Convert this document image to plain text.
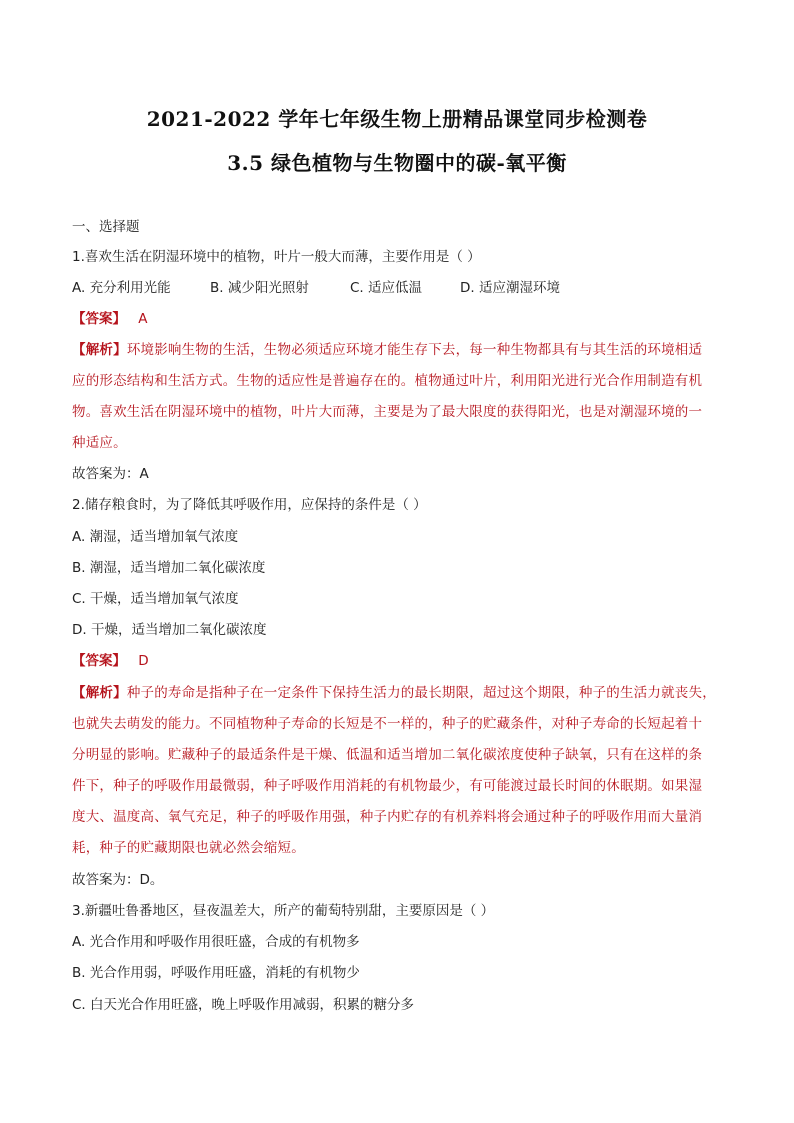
2021-2022 学年七年级生物上册精品课堂同步检测卷
3.5 绿色植物与生物圈中的碳-氧平衡
一、选择题
1.喜欢生活在阴湿环境中的植物，叶片一般大而薄，主要作用是（ ）
A. 充分利用光能	B. 减少阳光照射	C. 适应低温	D. 适应潮湿环境
【答案】 A
【解析】环境影响生物的生活，生物必须适应环境才能生存下去，每一种生物都具有与其生活的环境相适
应的形态结构和生活方式。生物的适应性是普遍存在的。植物通过叶片，利用阳光进行光合作用制造有机
物。喜欢生活在阴湿环境中的植物，叶片大而薄，主要是为了最大限度的获得阳光，也是对潮湿环境的一
种适应。
故答案为：A
2.储存粮食时，为了降低其呼吸作用，应保持的条件是（ ）
A. 潮湿，适当增加氧气浓度
B. 潮湿，适当增加二氧化碳浓度
C. 干燥，适当增加氧气浓度
D. 干燥，适当增加二氧化碳浓度
【答案】 D
【解析】种子的寿命是指种子在一定条件下保持生活力的最长期限，超过这个期限，种子的生活力就丧失，
也就失去萌发的能力。不同植物种子寿命的长短是不一样的，种子的贮藏条件，对种子寿命的长短起着十
分明显的影响。贮藏种子的最适条件是干燥、低温和适当增加二氧化碳浓度使种子缺氧，只有在这样的条
件下，种子的呼吸作用最微弱，种子呼吸作用消耗的有机物最少，有可能渡过最长时间的休眠期。如果湿
度大、温度高、氧气充足，种子的呼吸作用强，种子内贮存的有机养料将会通过种子的呼吸作用而大量消
耗，种子的贮藏期限也就必然会缩短。
故答案为：D。
3.新疆吐鲁番地区，昼夜温差大，所产的葡萄特别甜，主要原因是（ ）
A. 光合作用和呼吸作用很旺盛，合成的有机物多
B. 光合作用弱，呼吸作用旺盛，消耗的有机物少
C. 白天光合作用旺盛，晚上呼吸作用减弱，积累的糖分多
